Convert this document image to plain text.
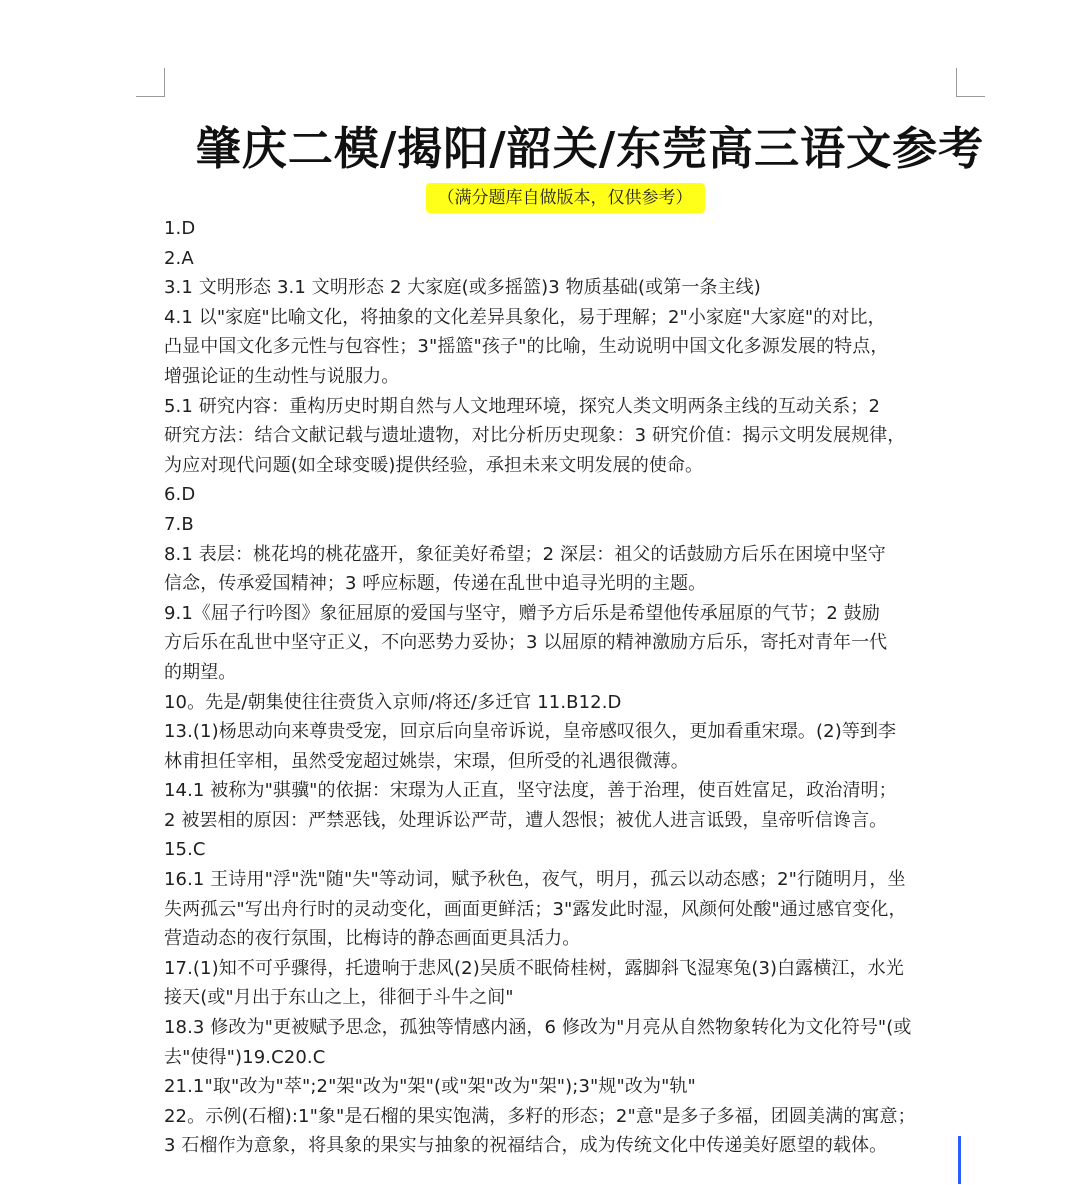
肇庆二模/揭阳/韶关/东莞高三语文参考
（满分题库自做版本，仅供参考）
1.D
2.A
3.1 文明形态 3.1 文明形态 2 大家庭(或多摇篮)3 物质基础(或第一条主线)
4.1 以"家庭"比喻文化，将抽象的文化差异具象化，易于理解；2"小家庭"大家庭"的对比，
凸显中国文化多元性与包容性；3"摇篮"孩子"的比喻，生动说明中国文化多源发展的特点，
增强论证的生动性与说服力。
5.1 研究内容：重构历史时期自然与人文地理环境，探究人类文明两条主线的互动关系；2
研究方法：结合文献记载与遗址遗物，对比分析历史现象：3 研究价值：揭示文明发展规律，
为应对现代问题(如全球变暖)提供经验，承担未来文明发展的使命。
6.D
7.B
8.1 表层：桃花坞的桃花盛开，象征美好希望；2 深层：祖父的话鼓励方后乐在困境中坚守
信念，传承爱国精神；3 呼应标题，传递在乱世中追寻光明的主题。
9.1《屈子行吟图》象征屈原的爱国与坚守，赠予方后乐是希望他传承屈原的气节；2 鼓励
方后乐在乱世中坚守正义，不向恶势力妥协；3 以屈原的精神激励方后乐，寄托对青年一代
的期望。
10。先是/朝集使往往赍货入京师/将还/多迁官 11.B12.D
13.(1)杨思动向来尊贵受宠，回京后向皇帝诉说，皇帝感叹很久，更加看重宋璟。(2)等到李
林甫担任宰相，虽然受宠超过姚崇，宋璟，但所受的礼遇很微薄。
14.1 被称为"骐骥"的依据：宋璟为人正直，坚守法度，善于治理，使百姓富足，政治清明；
2 被罢相的原因：严禁恶钱，处理诉讼严苛，遭人怨恨；被优人进言诋毁，皇帝听信谗言。
15.C
16.1 王诗用"浮"洗"随"失"等动词，赋予秋色，夜气，明月，孤云以动态感；2"行随明月，坐
失两孤云"写出舟行时的灵动变化，画面更鲜活；3"露发此时湿，风颜何处酸"通过感官变化，
营造动态的夜行氛围，比梅诗的静态画面更具活力。
17.(1)知不可乎骤得，托遗响于悲风(2)吴质不眠倚桂树，露脚斜飞湿寒兔(3)白露横江，水光
接天(或"月出于东山之上，徘徊于斗牛之间"
18.3 修改为"更被赋予思念，孤独等情感内涵，6 修改为"月亮从自然物象转化为文化符号"(或
去"使得")19.C20.C
21.1"取"改为"萃";2"架"改为"架"(或"架"改为"架");3"规"改为"轨"
22。示例(石榴):1"象"是石榴的果实饱满，多籽的形态；2"意"是多子多福，团圆美满的寓意；
3 石榴作为意象，将具象的果实与抽象的祝福结合，成为传统文化中传递美好愿望的载体。
